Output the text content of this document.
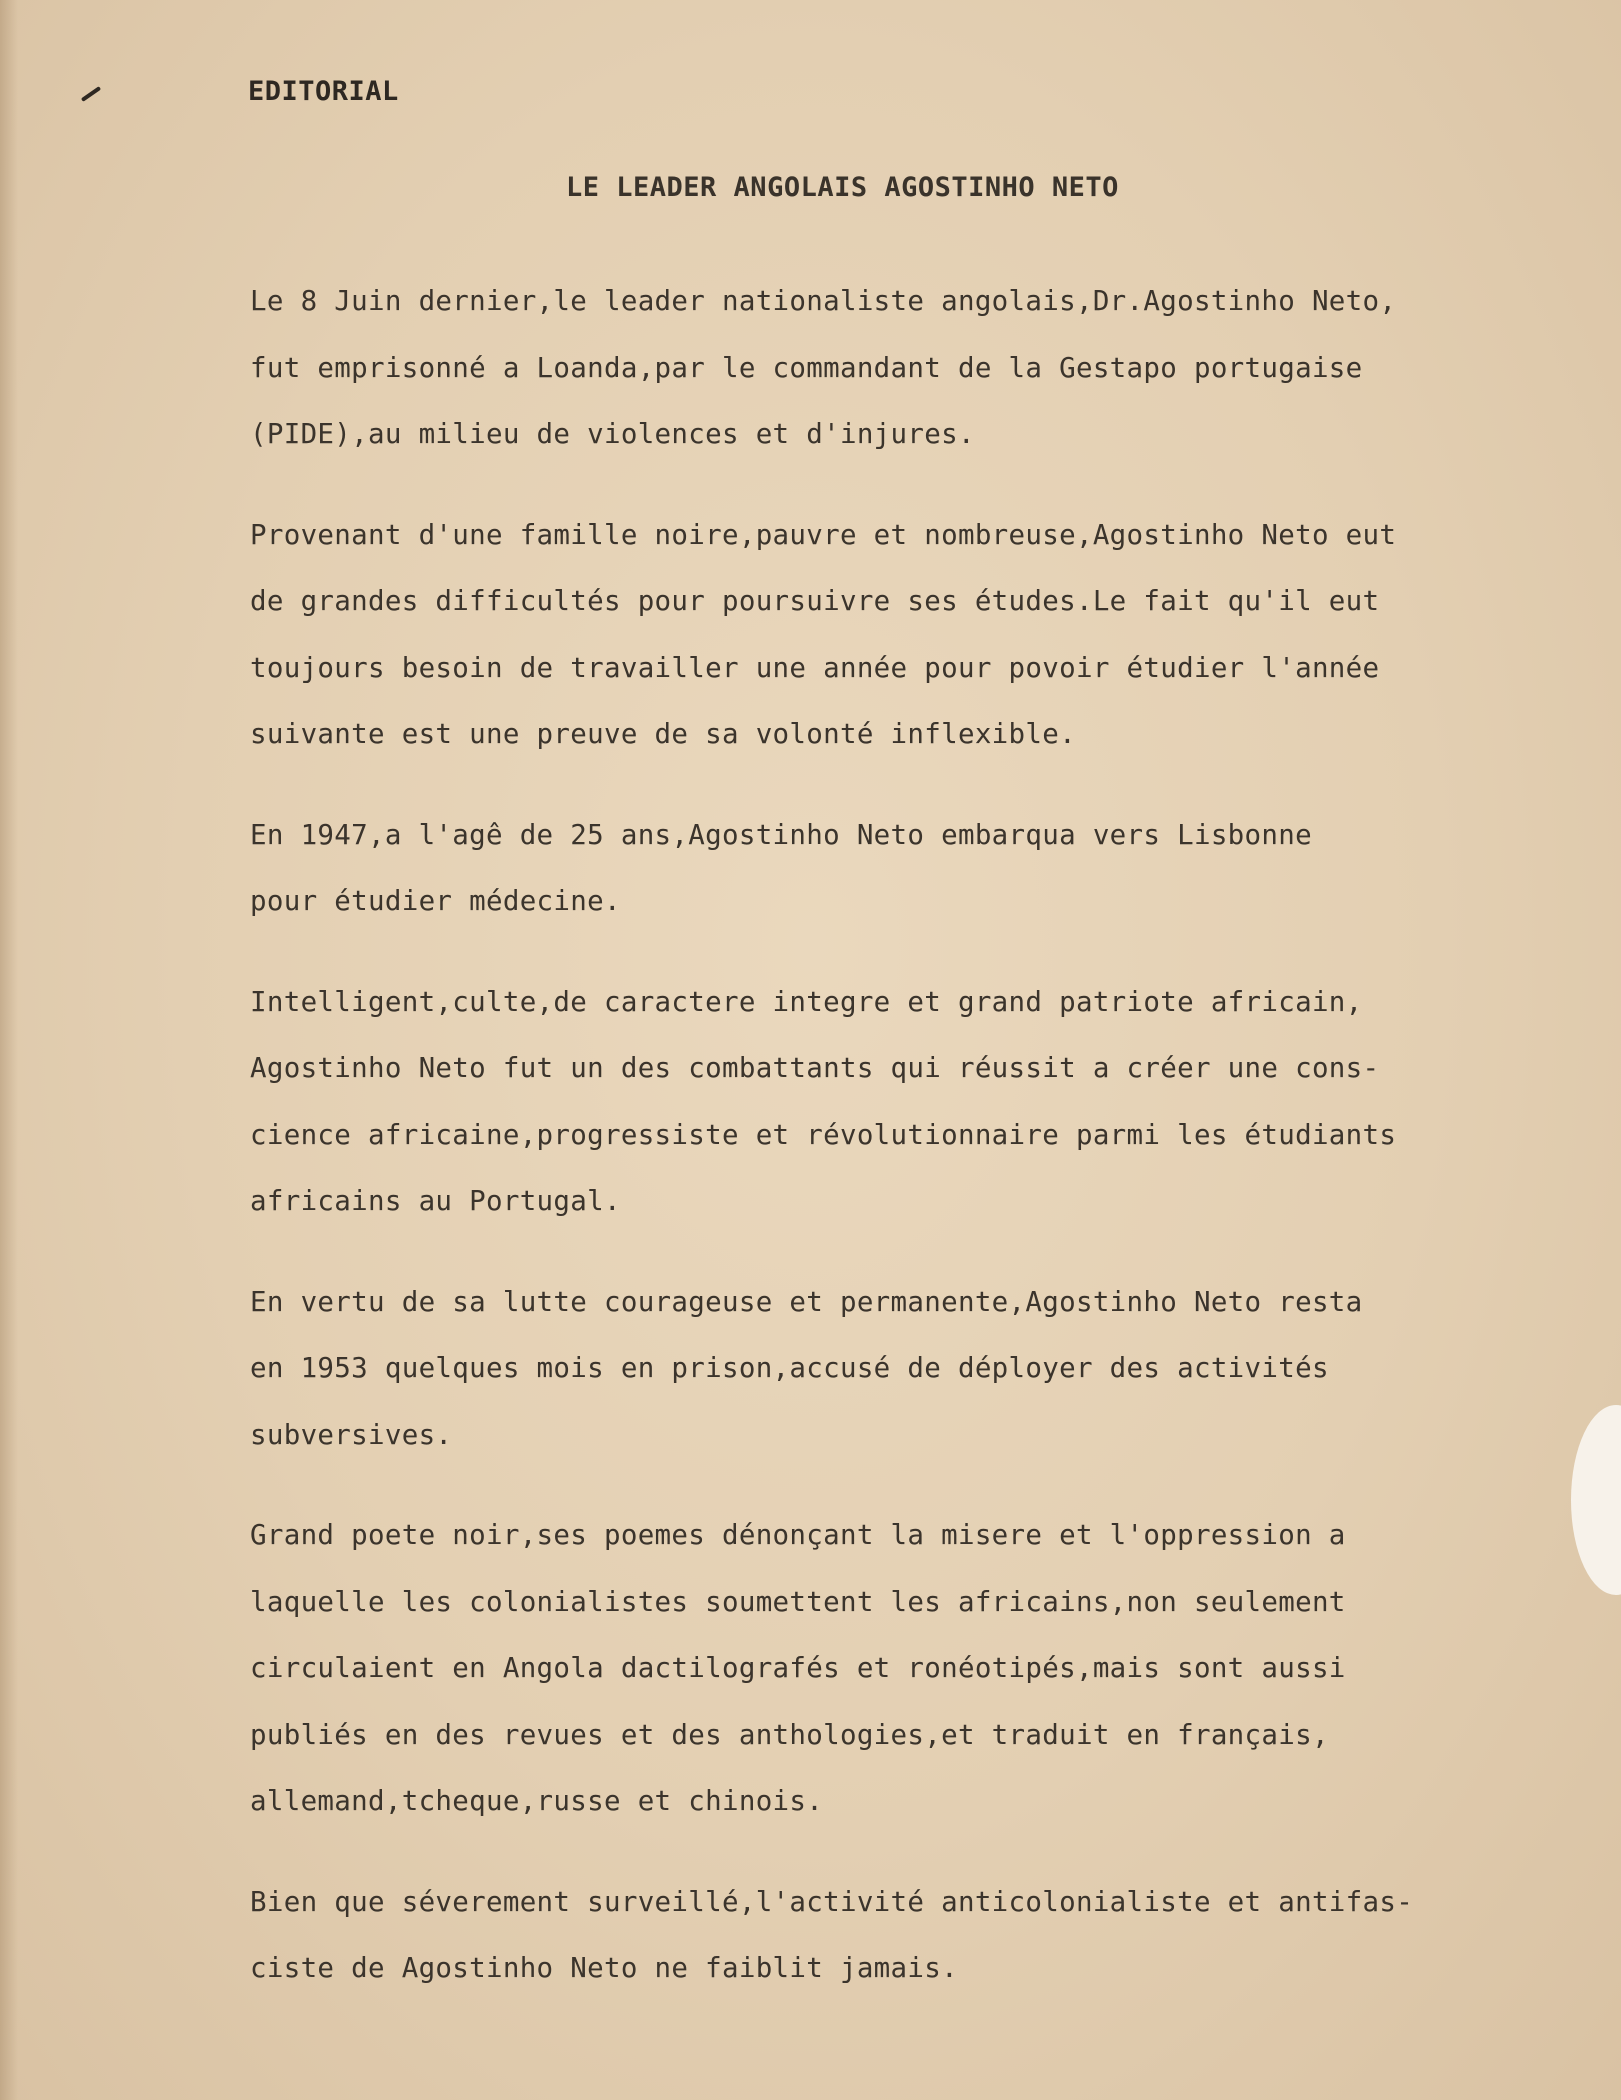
EDITORIAL
LE LEADER ANGOLAIS AGOSTINHO NETO
Le 8 Juin dernier,le leader nationaliste angolais,Dr.Agostinho Neto,
fut emprisonné a Loanda,par le commandant de la Gestapo portugaise
(PIDE),au milieu de violences et d'injures.
Provenant d'une famille noire,pauvre et nombreuse,Agostinho Neto eut
de grandes difficultés pour poursuivre ses études.Le fait qu'il eut
toujours besoin de travailler une année pour povoir étudier l'année
suivante est une preuve de sa volonté inflexible.
En 1947,a l'agê de 25 ans,Agostinho Neto embarqua vers Lisbonne
pour étudier médecine.
Intelligent,culte,de caractere integre et grand patriote africain,
Agostinho Neto fut un des combattants qui réussit a créer une cons-
cience africaine,progressiste et révolutionnaire parmi les étudiants
africains au Portugal.
En vertu de sa lutte courageuse et permanente,Agostinho Neto resta
en 1953 quelques mois en prison,accusé de déployer des activités
subversives.
Grand poete noir,ses poemes dénonçant la misere et l'oppression a
laquelle les colonialistes soumettent les africains,non seulement
circulaient en Angola dactilografés et ronéotipés,mais sont aussi
publiés en des revues et des anthologies,et traduit en français,
allemand,tcheque,russe et chinois.
Bien que séverement surveillé,l'activité anticolonialiste et antifas-
ciste de Agostinho Neto ne faiblit jamais.
